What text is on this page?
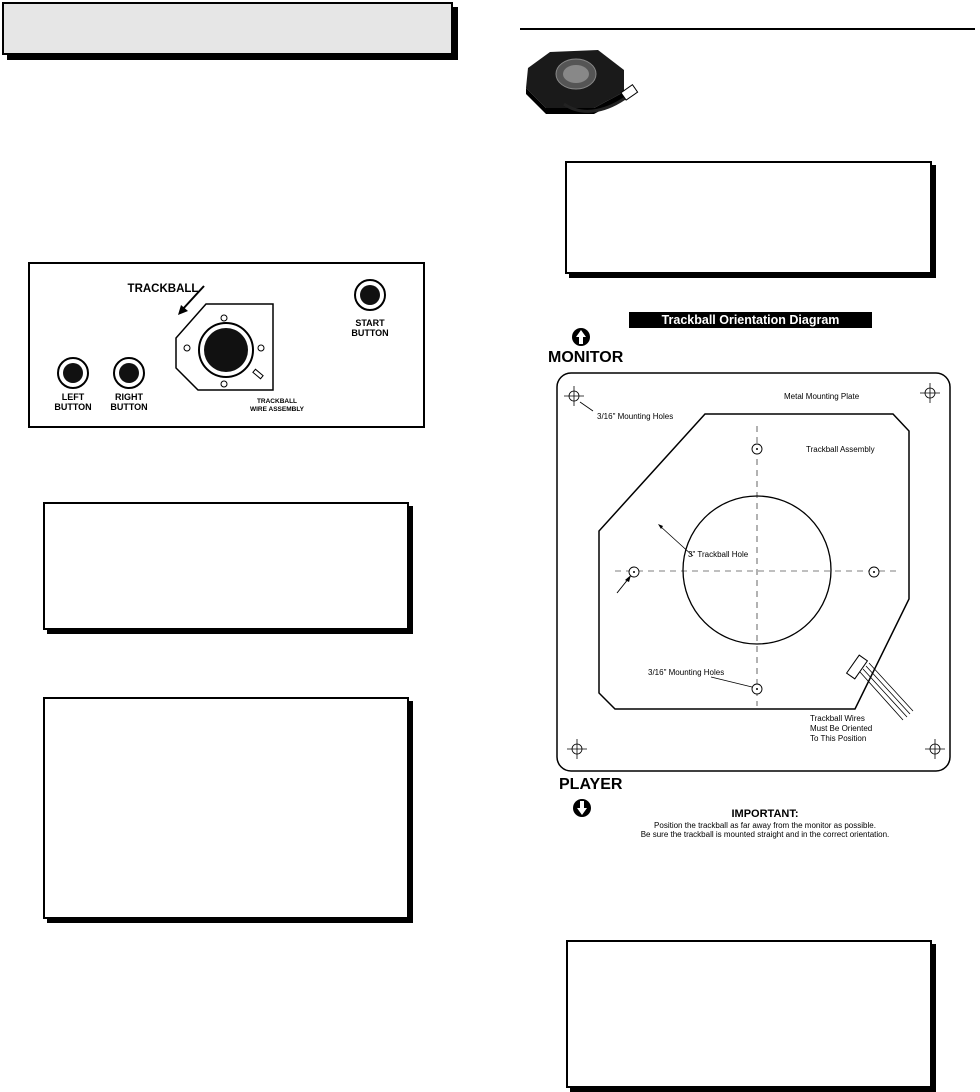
TRACKBALL
START
BUTTON
LEFT
BUTTON
RIGHT
BUTTON
TRACKBALL
WIRE ASSEMBLY
Trackball Orientation Diagram
MONITOR
Metal Mounting Plate
3/16" Mounting Holes
Trackball Assembly
3" Trackball Hole
3/16" Mounting Holes
Trackball Wires
Must Be Oriented
To This Position
PLAYER
IMPORTANT:
Position the trackball as far away from the monitor as possible.
Be sure the trackball is mounted straight and in the correct orientation.
